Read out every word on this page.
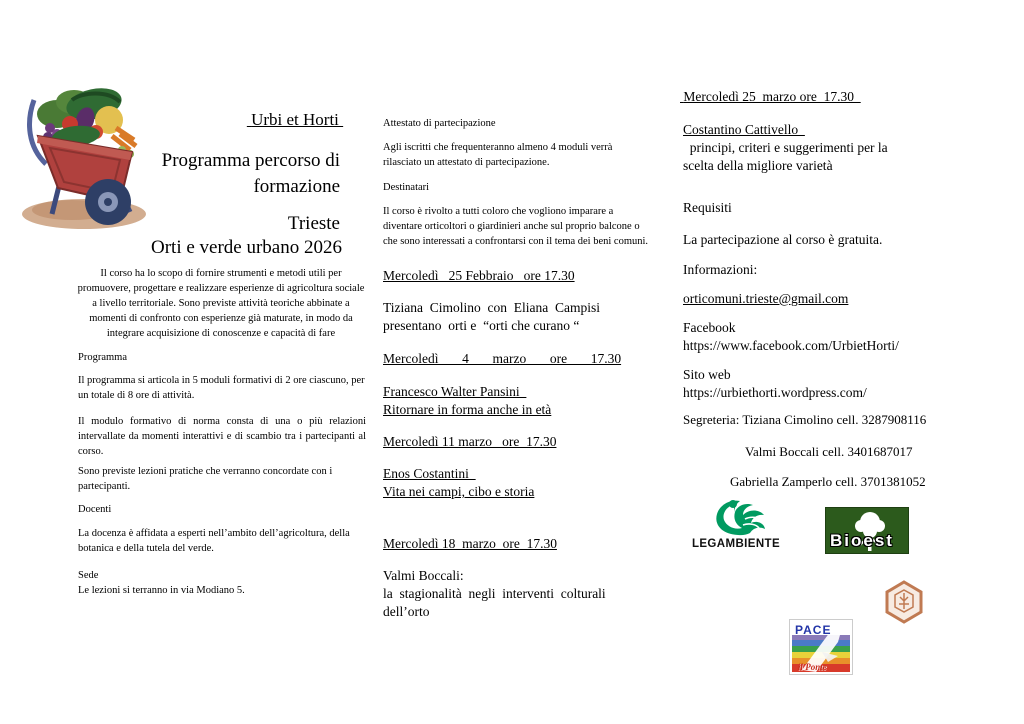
Urbi et Horti
Programma percorso di
formazione
Trieste
Orti e verde urbano 2026
Il corso ha lo scopo di fornire strumenti e metodi utili per promuovere, progettare e realizzare esperienze di agricoltura sociale a livello territoriale. Sono previste attività teoriche abbinate a momenti di confronto con esperienze già maturate, in modo da integrare acquisizione di conoscenze e capacità di fare
Programma
Il programma si articola in 5 moduli formativi di 2 ore ciascuno, per un totale di 8 ore di attività.
Il modulo formativo di norma consta di una o più relazioni intervallate da momenti interattivi e di scambio tra i partecipanti al corso.
Sono previste lezioni pratiche che verranno concordate con i partecipanti.
Docenti
La docenza è affidata a esperti nell’ambito dell’agricoltura, della botanica e della tutela del verde.
Sede
Le lezioni si terranno in via Modiano 5.
Attestato di partecipazione
Agli iscritti che frequenteranno almeno 4 moduli verrà rilasciato un attestato di partecipazione.
Destinatari
Il corso è rivolto a tutti coloro che vogliono imparare a diventare orticoltori o giardinieri anche sul proprio balcone o che sono interessati a confrontarsi con il tema dei beni comuni.
Mercoledì   25 Febbraio   ore 17.30
Tiziana  Cimolino  con  Eliana  Campisi
presentano  orti e  “orti che curano “
Mercoledì       4       marzo       ore       17.30
Francesco Walter Pansini
Ritornare in forma anche in età
Mercoledì 11 marzo   ore  17.30
Enos Costantini
Vita nei campi, cibo e storia
Mercoledì 18  marzo  ore  17.30
Valmi Boccali:
la  stagionalità  negli  interventi  colturali
dell’orto
Mercoledì 25  marzo ore  17.30
Costantino Cattivello
principi, criteri e suggerimenti per la
scelta della migliore varietà
Requisiti
La partecipazione al corso è gratuita.
Informazioni:
orticomuni.trieste@gmail.com
Facebook
https://www.facebook.com/UrbietHorti/
Sito web
https://urbiethorti.wordpress.com/
Segreteria: Tiziana Cimolino cell. 3287908116
Valmi Boccali cell. 3401687017
Gabriella Zamperlo cell. 3701381052
LEGAMBIENTE	Bioest
PACE
il Ponte
